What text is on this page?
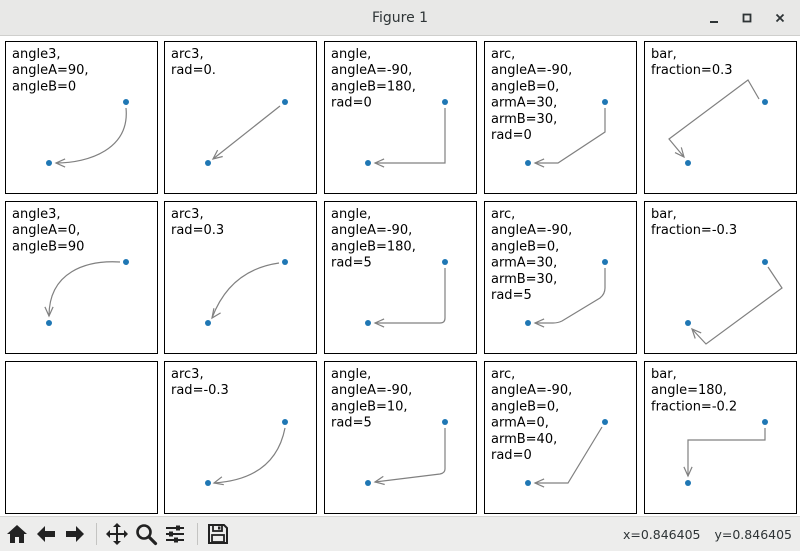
Figure 1
angle3,
angleA=90,
angleB=0
arc3,
rad=0.
angle,
angleA=-90,
angleB=180,
rad=0
arc,
angleA=-90,
angleB=0,
armA=30,
armB=30,
rad=0
bar,
fraction=0.3
angle3,
angleA=0,
angleB=90
arc3,
rad=0.3
angle,
angleA=-90,
angleB=180,
rad=5
arc,
angleA=-90,
angleB=0,
armA=30,
armB=30,
rad=5
bar,
fraction=-0.3
arc3,
rad=-0.3
angle,
angleA=-90,
angleB=10,
rad=5
arc,
angleA=-90,
angleB=0,
armA=0,
armB=40,
rad=0
bar,
angle=180,
fraction=-0.2
x=0.846405 y=0.846405
